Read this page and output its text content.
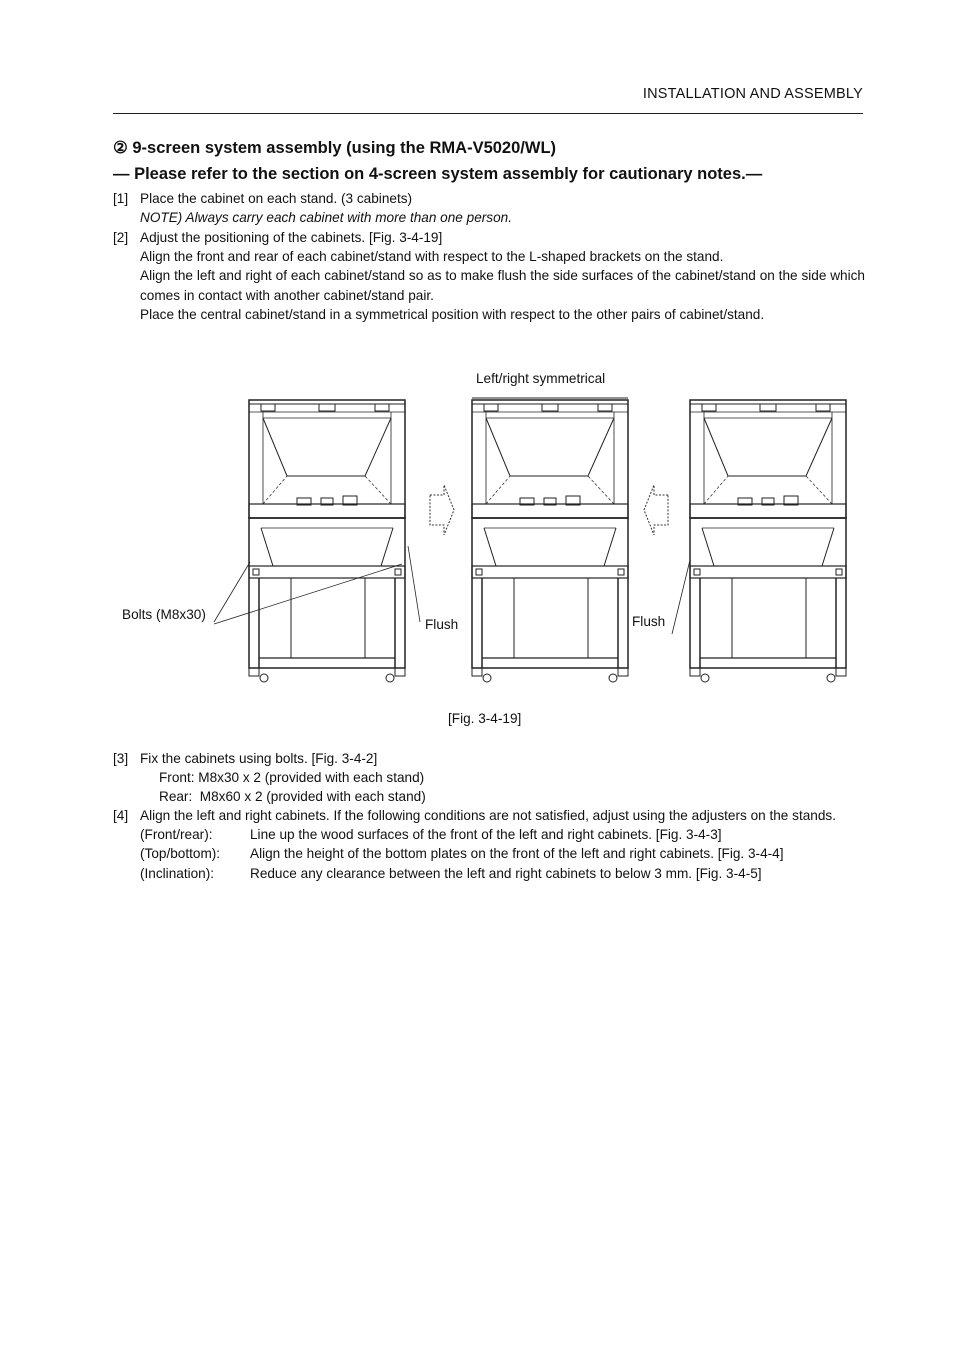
INSTALLATION AND ASSEMBLY
② 9-screen system assembly (using the RMA-V5020/WL)
— Please refer to the section on 4-screen system assembly for cautionary notes.—
[1] Place the cabinet on each stand. (3 cabinets)
NOTE) Always carry each cabinet with more than one person.
[2] Adjust the positioning of the cabinets. [Fig. 3-4-19]
Align the front and rear of each cabinet/stand with respect to the L-shaped brackets on the stand.
Align the left and right of each cabinet/stand so as to make flush the side surfaces of the cabinet/stand on the side which comes in contact with another cabinet/stand pair.
Place the central cabinet/stand in a symmetrical position with respect to the other pairs of cabinet/stand.
Left/right symmetrical
Bolts (M8x30)
Flush	Flush
[Fig. 3-4-19]
[3] Fix the cabinets using bolts. [Fig. 3-4-2]
Front: M8x30 x 2 (provided with each stand)
Rear:  M8x60 x 2 (provided with each stand)
[4] Align the left and right cabinets. If the following conditions are not satisfied, adjust using the adjusters on the stands.
(Front/rear):	Line up the wood surfaces of the front of the left and right cabinets. [Fig. 3-4-3]
(Top/bottom):	Align the height of the bottom plates on the front of the left and right cabinets. [Fig. 3-4-4]
(Inclination):	Reduce any clearance between the left and right cabinets to below 3 mm. [Fig. 3-4-5]
